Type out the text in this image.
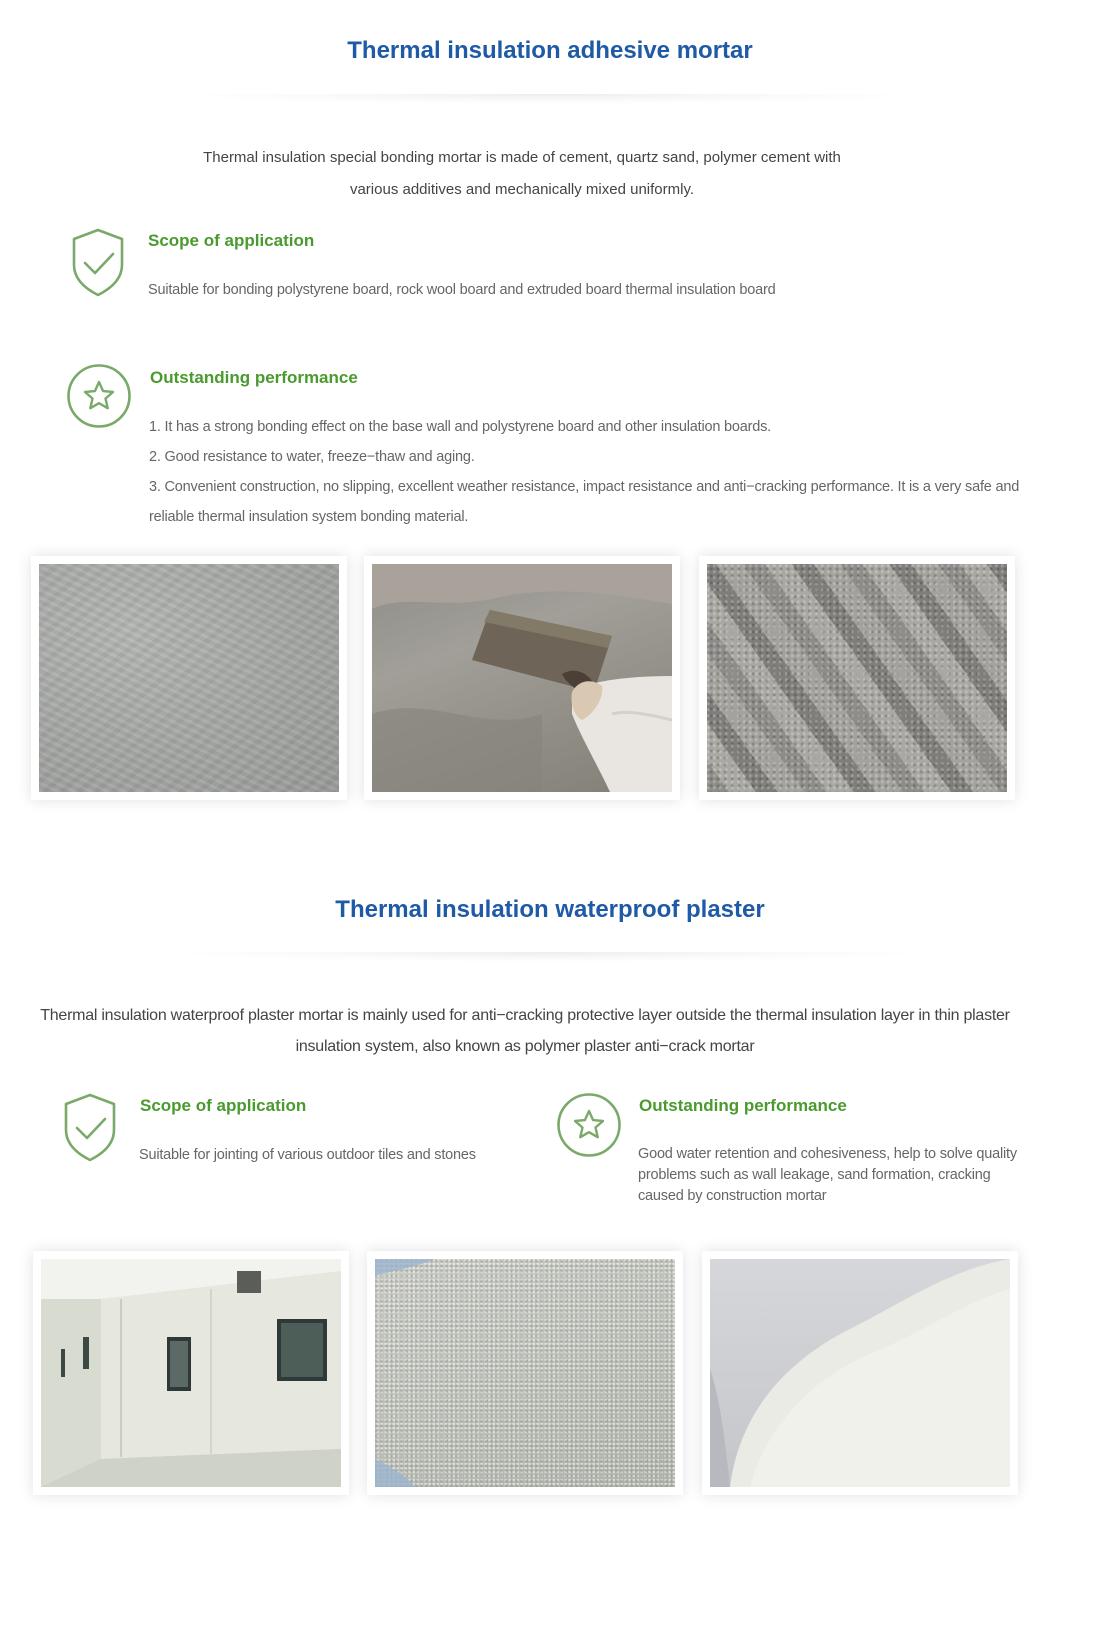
Thermal insulation adhesive mortar

Thermal insulation special bonding mortar is made of cement, quartz sand, polymer cement with
various additives and mechanically mixed uniformly.

Scope of application

Suitable for bonding polystyrene board, rock wool board and extruded board thermal insulation board

Outstanding performance
1. It has a strong bonding effect on the base wall and polystyrene board and other insulation boards.
2. Good resistance to water, freeze−thaw and aging.
3. Convenient construction, no slipping, excellent weather resistance, impact resistance and anti−cracking performance. It is a very safe and
reliable thermal insulation system bonding material.
Thermal insulation waterproof plaster

Thermal insulation waterproof plaster mortar is mainly used for anti−cracking protective layer outside the thermal insulation layer in thin plaster
insulation system, also known as polymer plaster anti−crack mortar

Scope of application

Suitable for jointing of various outdoor tiles and stones

Outstanding performance

Good water retention and cohesiveness, help to solve quality
problems such as wall leakage, sand formation, cracking
caused by construction mortar
